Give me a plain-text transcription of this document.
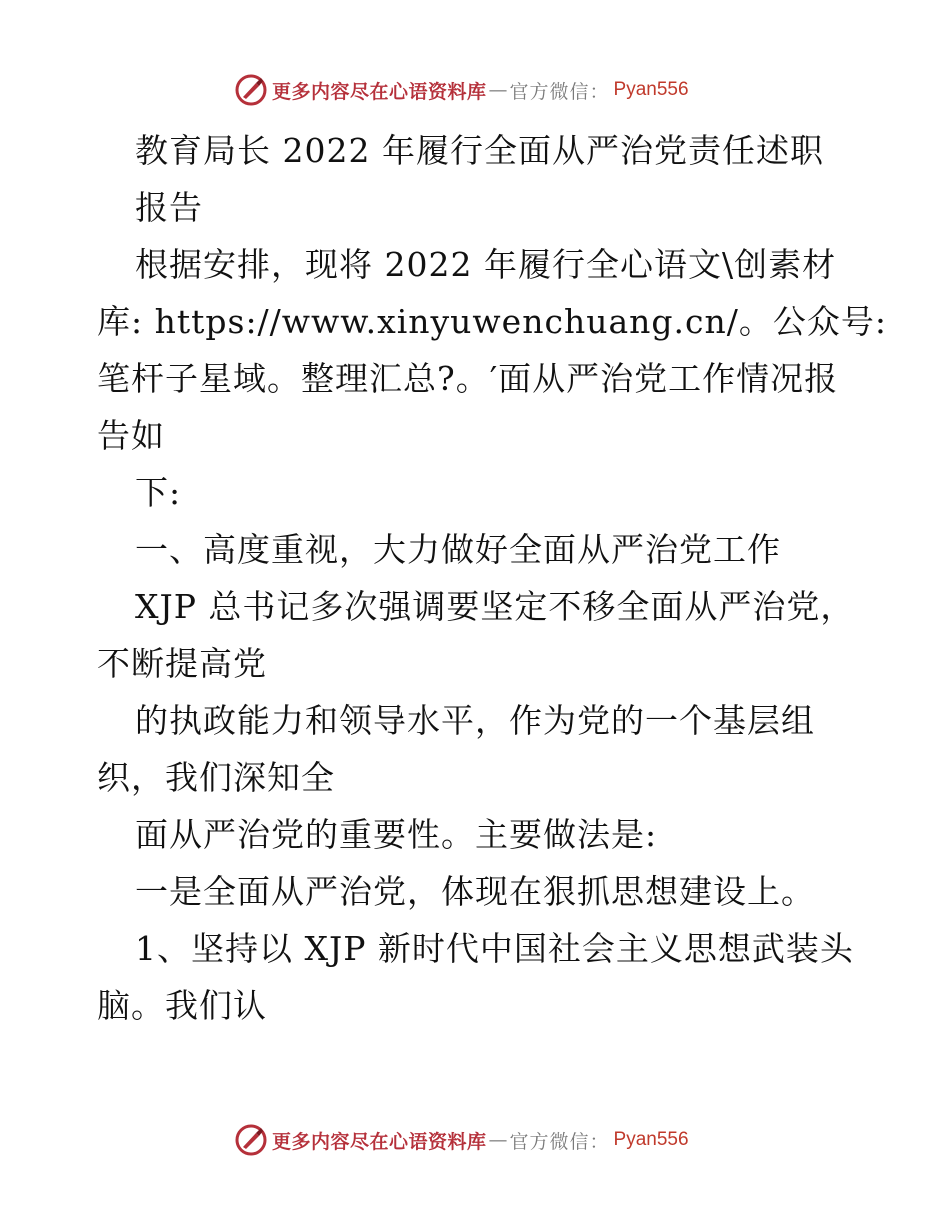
更多内容尽在心语资料库 — 官方微信： Pyan556
教育局长 2022 年履行全面从严治党责任述职
报告
根据安排，现将 2022 年履行全心语文\创素材
库: https://www.xinyuwenchuang.cn/。公众号:
笔杆子星域。整理汇总?。′面从严治党工作情况报
告如
下:
一、高度重视，大力做好全面从严治党工作
XJP 总书记多次强调要坚定不移全面从严治党，
不断提高党
的执政能力和领导水平，作为党的一个基层组
织，我们深知全
面从严治党的重要性。主要做法是:
一是全面从严治党，体现在狠抓思想建设上。
1、坚持以 XJP 新时代中国社会主义思想武装头
脑。我们认
更多内容尽在心语资料库 — 官方微信： Pyan556
